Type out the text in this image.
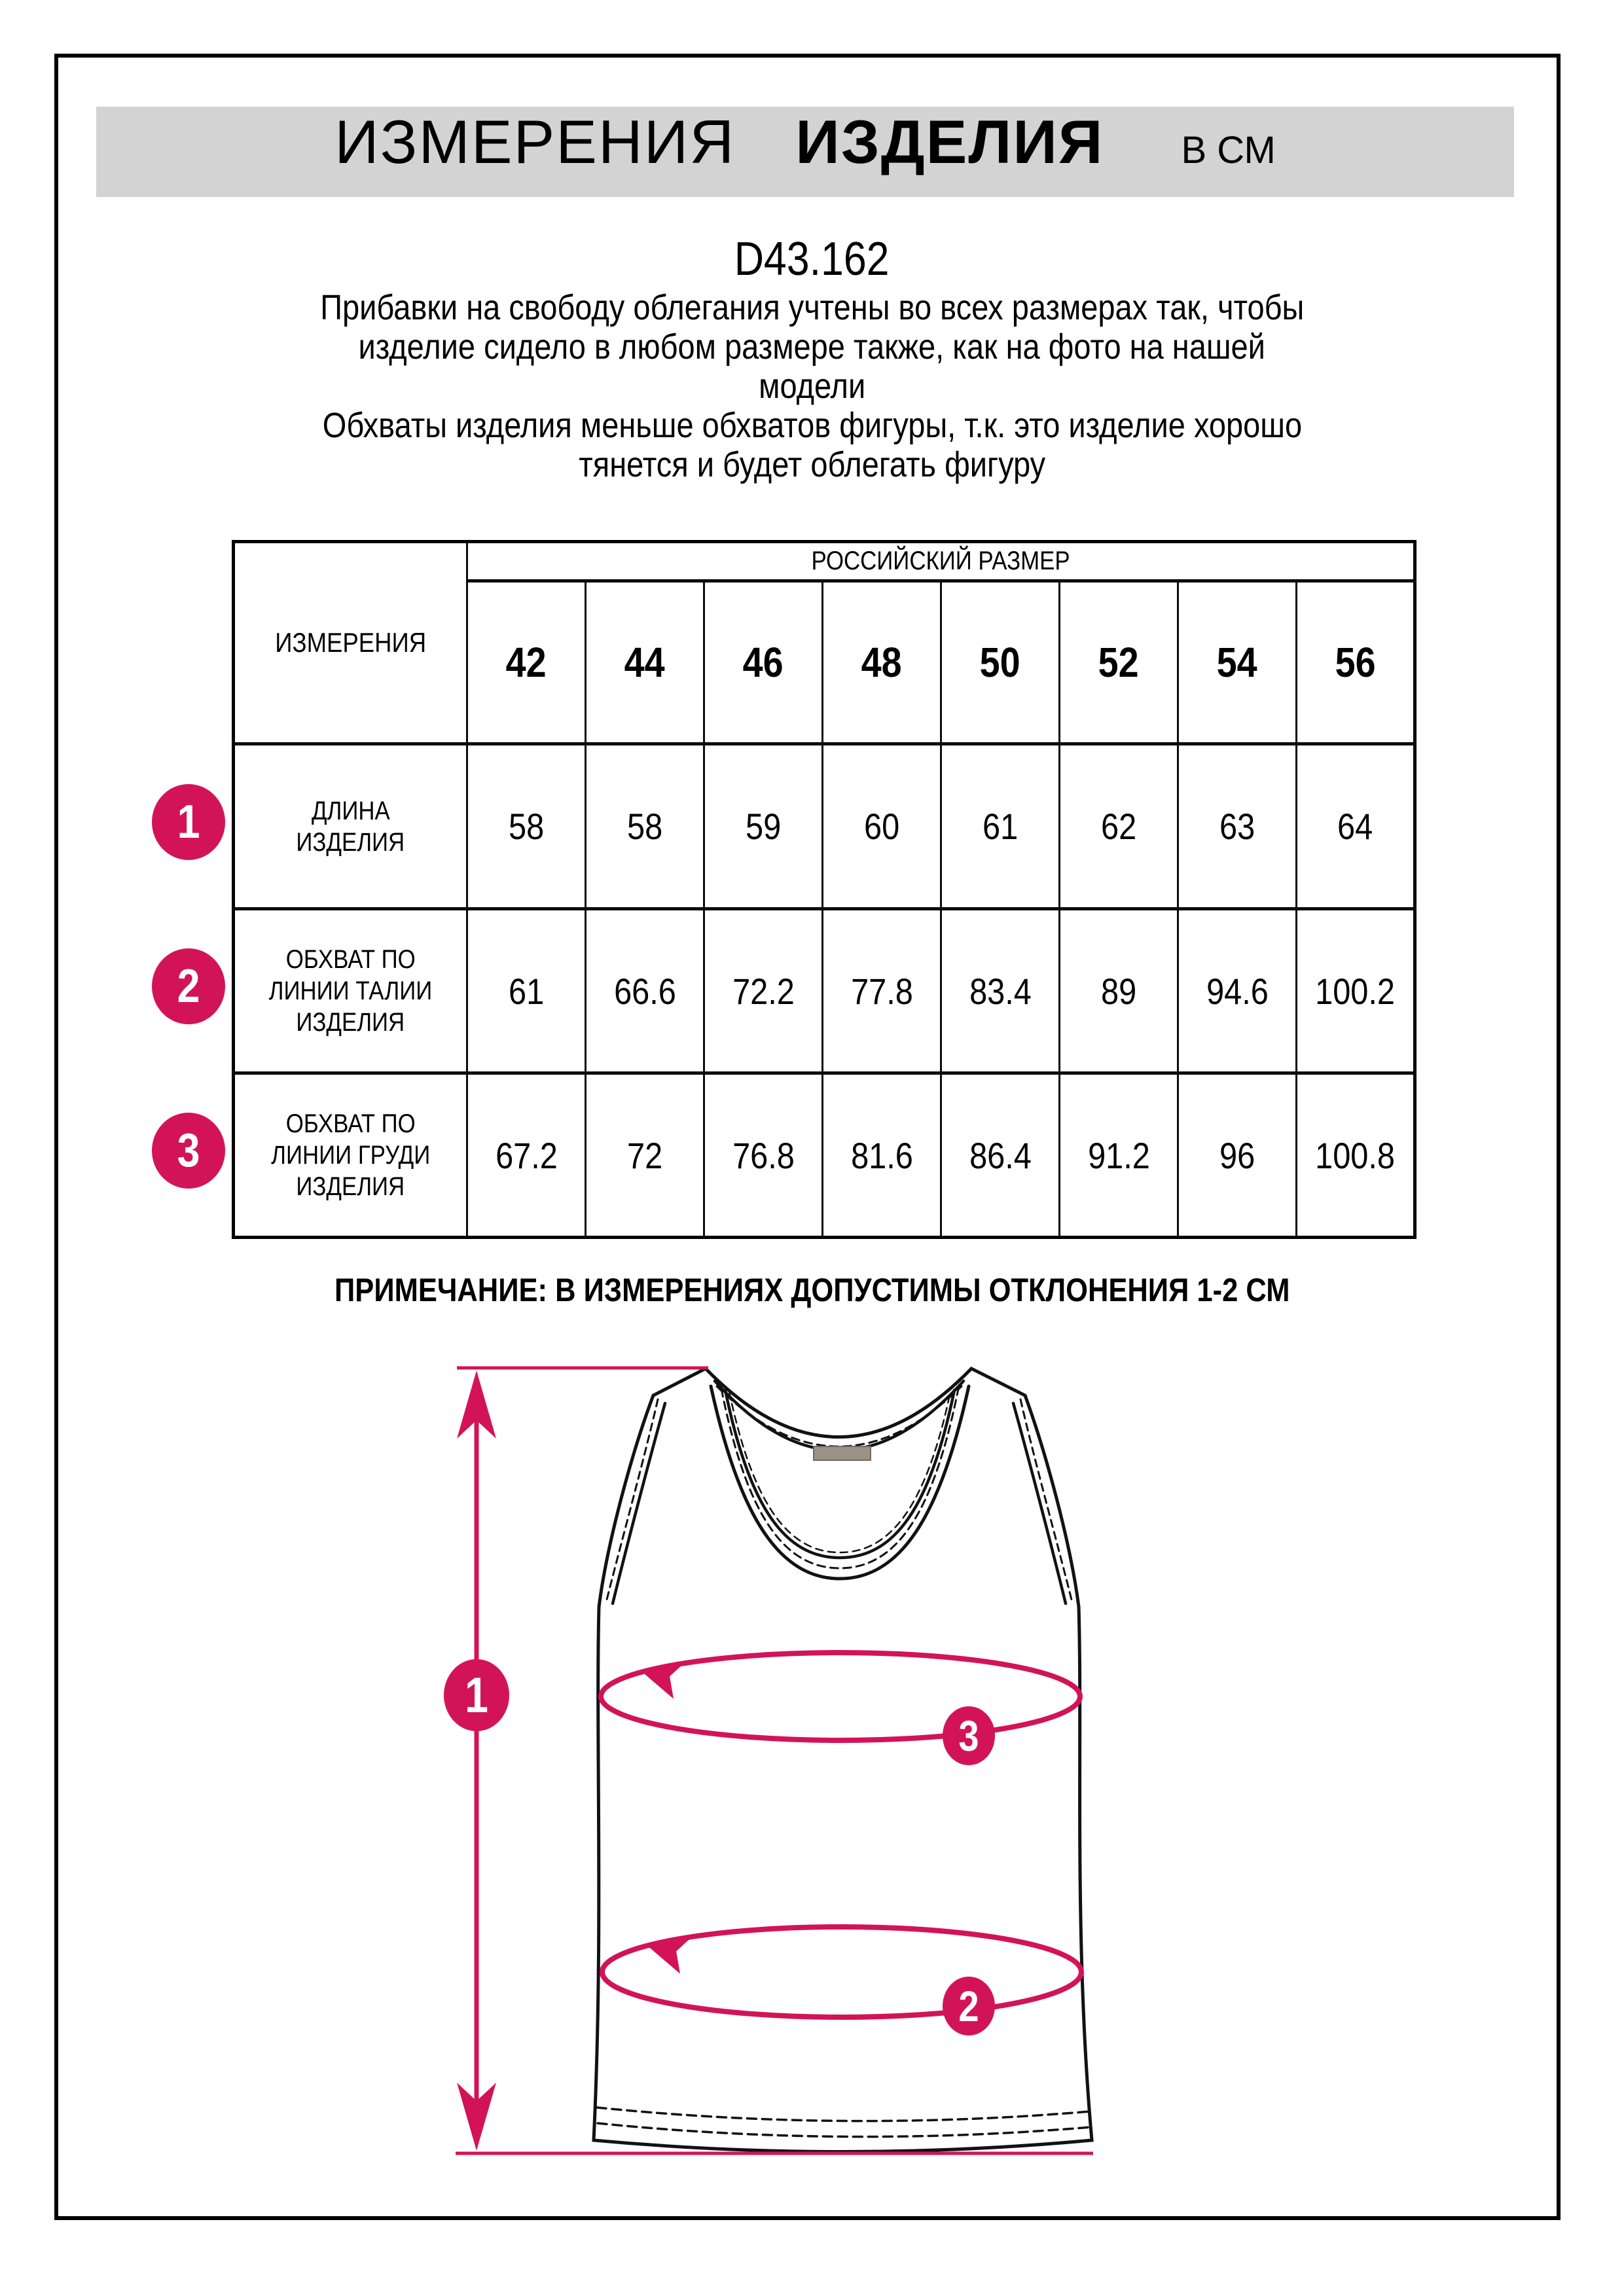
ИЗМЕРЕНИЯ ИЗДЕЛИЯ В СМ
D43.162
Прибавки на свободу облегания учтены во всех размерах так, чтобы
изделие сидело в любом размере также, как на фото на нашей
модели
Обхваты изделия меньше обхватов фигуры, т.к. это изделие хорошо
тянется и будет облегать фигуру
ИЗМЕРЕНИЯ	РОССИЙСКИЙ РАЗМЕР							
	42	44	46	48	50	52	54	56

ДЛИНА
ИЗДЕЛИЯ	58	58	59	60	61	62	63	64

ОБХВАТ ПО
ЛИНИИ ТАЛИИ
ИЗДЕЛИЯ	61	66.6	72.2	77.8	83.4	89	94.6	100.2

ОБХВАТ ПО
ЛИНИИ ГРУДИ
ИЗДЕЛИЯ	67.2	72	76.8	81.6	86.4	91.2	96	100.8
1
2
3
ПРИМЕЧАНИЕ: В ИЗМЕРЕНИЯХ ДОПУСТИМЫ ОТКЛОНЕНИЯ 1-2 СМ
1
3
2
